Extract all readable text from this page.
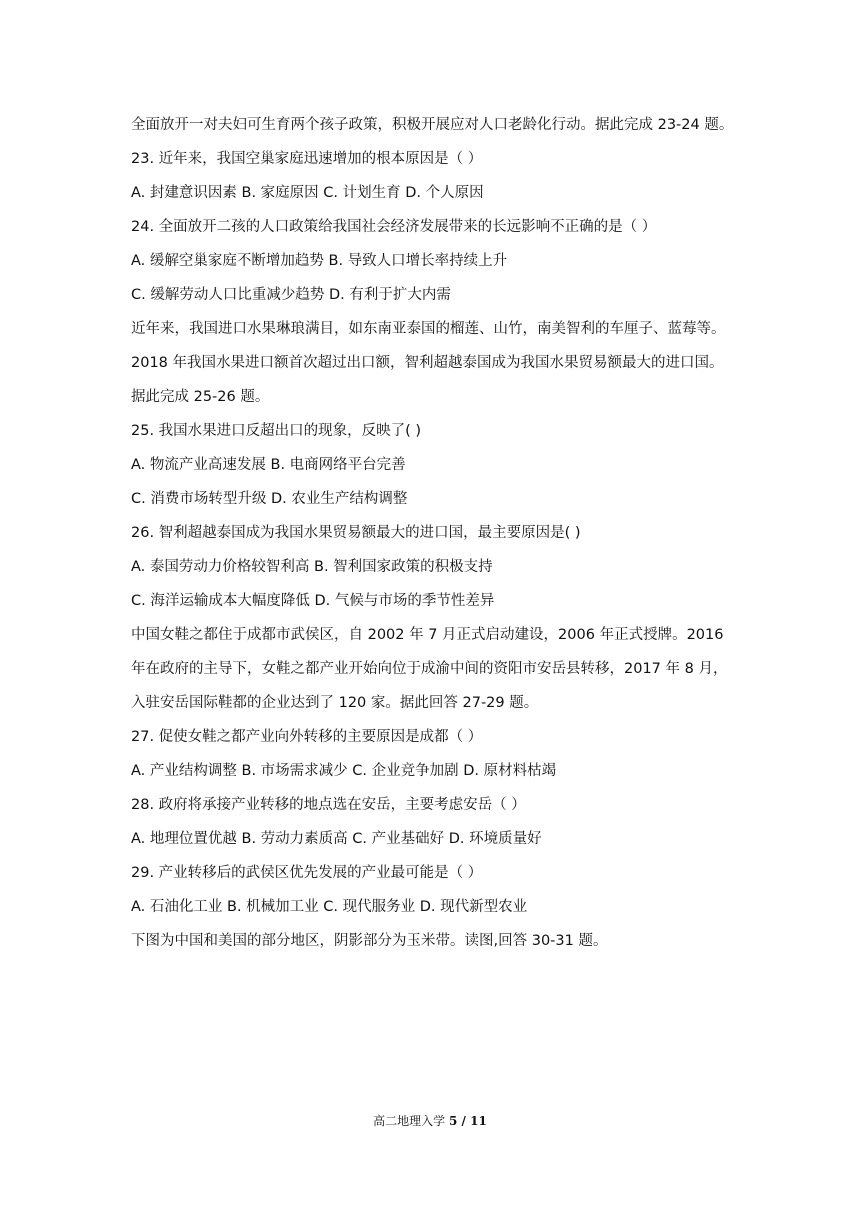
全面放开一对夫妇可生育两个孩子政策，积极开展应对人口老龄化行动。据此完成 23-24 题。
23. 近年来，我国空巢家庭迅速增加的根本原因是（ ）
A. 封建意识因素 B. 家庭原因 C. 计划生育 D. 个人原因
24. 全面放开二孩的人口政策给我国社会经济发展带来的长远影响不正确的是（ ）
A. 缓解空巢家庭不断增加趋势 B. 导致人口增长率持续上升
C. 缓解劳动人口比重减少趋势 D. 有利于扩大内需
近年来，我国进口水果琳琅满目，如东南亚泰国的榴莲、山竹，南美智利的车厘子、蓝莓等。
2018 年我国水果进口额首次超过出口额，智利超越泰国成为我国水果贸易额最大的进口国。
据此完成 25-26 题。
25. 我国水果进口反超出口的现象，反映了( )
A. 物流产业高速发展 B. 电商网络平台完善
C. 消费市场转型升级 D. 农业生产结构调整
26. 智利超越泰国成为我国水果贸易额最大的进口国，最主要原因是( )
A. 泰国劳动力价格较智利高 B. 智利国家政策的积极支持
C. 海洋运输成本大幅度降低 D. 气候与市场的季节性差异
中国女鞋之都住于成都市武侯区，自 2002 年 7 月正式启动建设，2006 年正式授牌。2016
年在政府的主导下，女鞋之都产业开始向位于成渝中间的资阳市安岳县转移，2017 年 8 月，
入驻安岳国际鞋都的企业达到了 120 家。据此回答 27-29 题。
27. 促使女鞋之都产业向外转移的主要原因是成都（ ）
A. 产业结构调整 B. 市场需求减少 C. 企业竞争加剧 D. 原材料枯竭
28. 政府将承接产业转移的地点选在安岳，主要考虑安岳（ ）
A. 地理位置优越 B. 劳动力素质高 C. 产业基础好 D. 环境质量好
29. 产业转移后的武侯区优先发展的产业最可能是（ ）
A. 石油化工业 B. 机械加工业 C. 现代服务业 D. 现代新型农业
下图为中国和美国的部分地区，阴影部分为玉米带。读图,回答 30-31 题。
高二地理入学 5 / 11
